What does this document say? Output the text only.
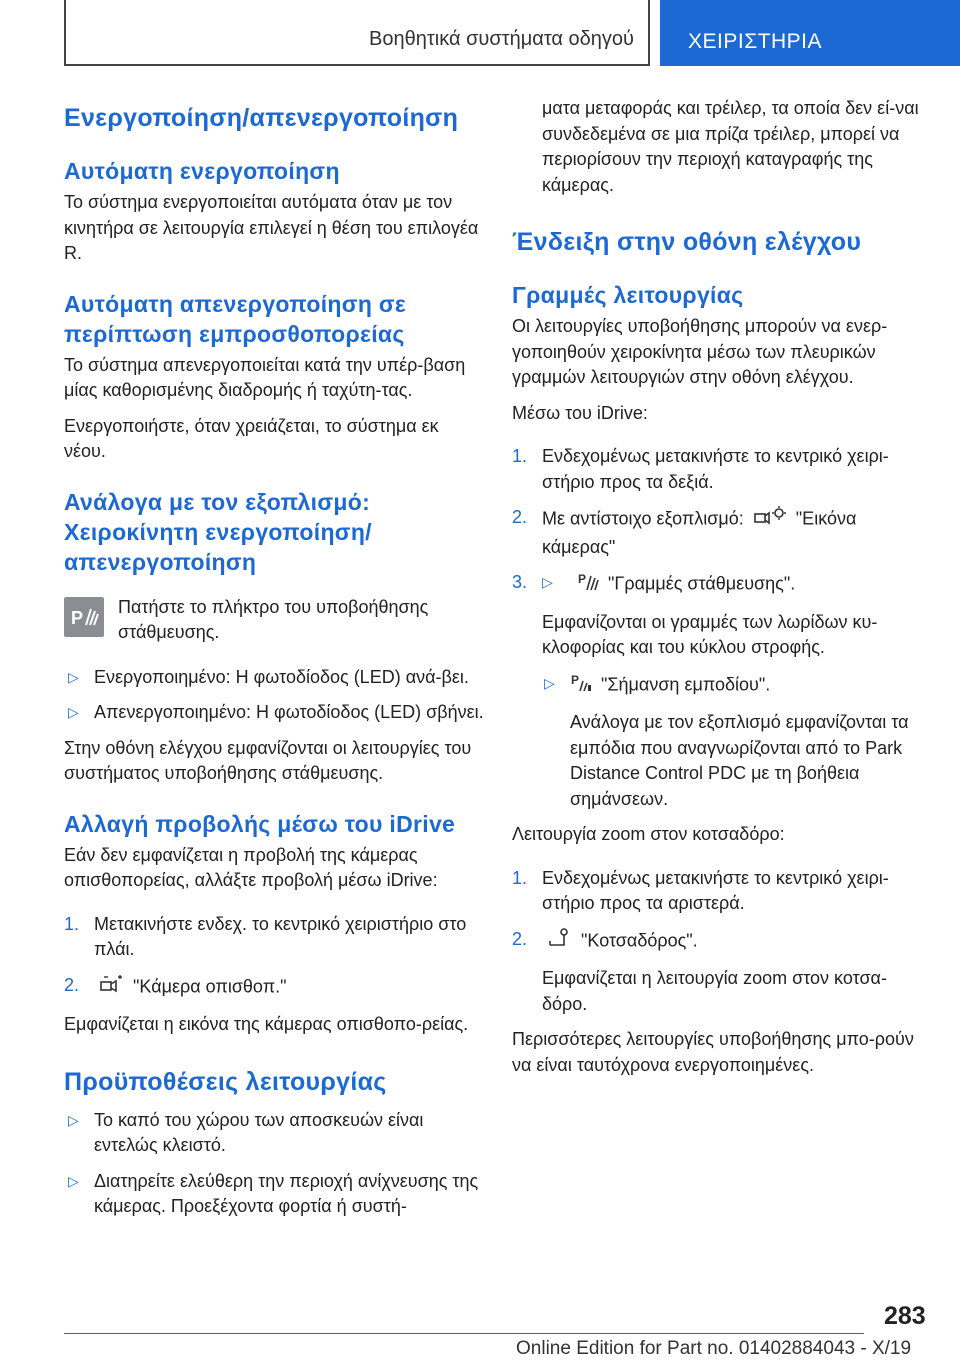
Βοηθητικά συστήματα οδηγού	ΧΕΙΡΙΣΤΗΡΙΑ
Ενεργοποίηση/απενεργοποίηση
Αυτόματη ενεργοποίηση
Το σύστημα ενεργοποιείται αυτόματα όταν με τον κινητήρα σε λειτουργία επιλεγεί η θέση του επιλογέα R.
Αυτόματη απενεργοποίηση σε
περίπτωση εμπροσθοπορείας
Το σύστημα απενεργοποιείται κατά την υπέρ-βαση μίας καθορισμένης διαδρομής ή ταχύτη-τας.
Ενεργοποιήστε, όταν χρειάζεται, το σύστημα εκ νέου.
Ανάλογα με τον εξοπλισμό:
Χειροκίνητη ενεργοποίηση/
απενεργοποίηση
P
Πατήστε το πλήκτρο του υποβοήθησης στάθμευσης.
▷ Ενεργοποιημένο: Η φωτοδίοδος (LED) ανά-βει.
▷ Απενεργοποιημένο: Η φωτοδίοδος (LED) σβήνει.
Στην οθόνη ελέγχου εμφανίζονται οι λειτουργίες του συστήματος υποβοήθησης στάθμευσης.
Αλλαγή προβολής μέσω του iDrive
Εάν δεν εμφανίζεται η προβολή της κάμερας οπισθοπορείας, αλλάξτε προβολή μέσω iDrive:
1. Μετακινήστε ενδεχ. το κεντρικό χειριστήριο στο πλάι.
2.	"Κάμερα οπισθοπ."
Εμφανίζεται η εικόνα της κάμερας οπισθοπο-ρείας.
Προϋποθέσεις λειτουργίας
▷ Το καπό του χώρου των αποσκευών είναι εντελώς κλειστό.
▷ Διατηρείτε ελεύθερη την περιοχή ανίχνευσης της κάμερας. Προεξέχοντα φορτία ή συστή-
ματα μεταφοράς και τρέιλερ, τα οποία δεν εί-ναι συνδεδεμένα σε μια πρίζα τρέιλερ, μπορεί να περιορίσουν την περιοχή καταγραφής της κάμερας.
Ένδειξη στην οθόνη ελέγχου
Γραμμές λειτουργίας
Οι λειτουργίες υποβοήθησης μπορούν να ενερ-γοποιηθούν χειροκίνητα μέσω των πλευρικών γραμμών λειτουργιών στην οθόνη ελέγχου.
Μέσω του iDrive:
1. Ενδεχομένως μετακινήστε το κεντρικό χειρι-στήριο προς τα δεξιά.
2. Με αντίστοιχο εξοπλισμό:	"Εικόνα κάμερας"
3. ▷
P "Γραμμές στάθμευσης".
Εμφανίζονται οι γραμμές των λωρίδων κυ-κλοφορίας και του κύκλου στροφής.
▷ P "Σήμανση εμποδίου".
Ανάλογα με τον εξοπλισμό εμφανίζονται τα εμπόδια που αναγνωρίζονται από το Park Distance Control PDC με τη βοήθεια σημάνσεων.
Λειτουργία zoom στον κοτσαδόρο:
1. Ενδεχομένως μετακινήστε το κεντρικό χειρι-στήριο προς τα αριστερά.
2.	"Κοτσαδόρος".
Εμφανίζεται η λειτουργία zoom στον κοτσα-δόρο.
Περισσότερες λειτουργίες υποβοήθησης μπο-ρούν να είναι ταυτόχρονα ενεργοποιημένες.
283
Online Edition for Part no. 01402884043 - X/19
